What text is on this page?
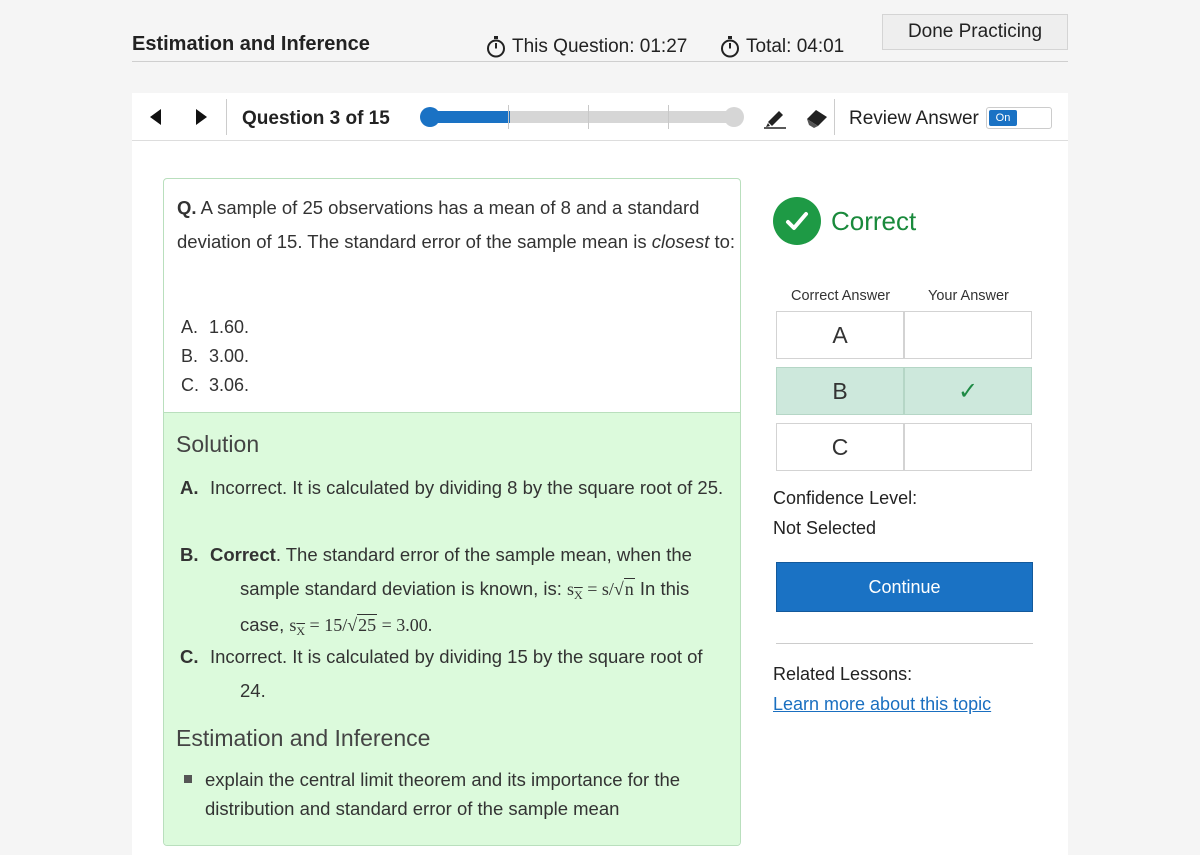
Estimation and Inference	This Question: 01:27	Total: 04:01
Done Practicing
Question 3 of 15	Review Answer	On
Q. A sample of 25 observations has a mean of 8 and a standard deviation of 15. The standard error of the sample mean is closest to:
A. 1.60.
B. 3.00.
C. 3.06.
Solution
A. Incorrect. It is calculated by dividing 8 by the square root of 25.
B. Correct. The standard error of the sample mean, when the sample standard deviation is known, is: $s_{\overline{X}} = s/√n$ In this case, $s_{\overline{X}} = 15/√25 = 3.00$.
C. Incorrect. It is calculated by dividing 15 by the square root of 24.
Estimation and Inference
explain the central limit theorem and its importance for the distribution and standard error of the sample mean
Correct
Correct Answer	Your Answer
A
B	✓
C
Confidence Level:
Not Selected
Continue
Related Lessons:
Learn more about this topic
